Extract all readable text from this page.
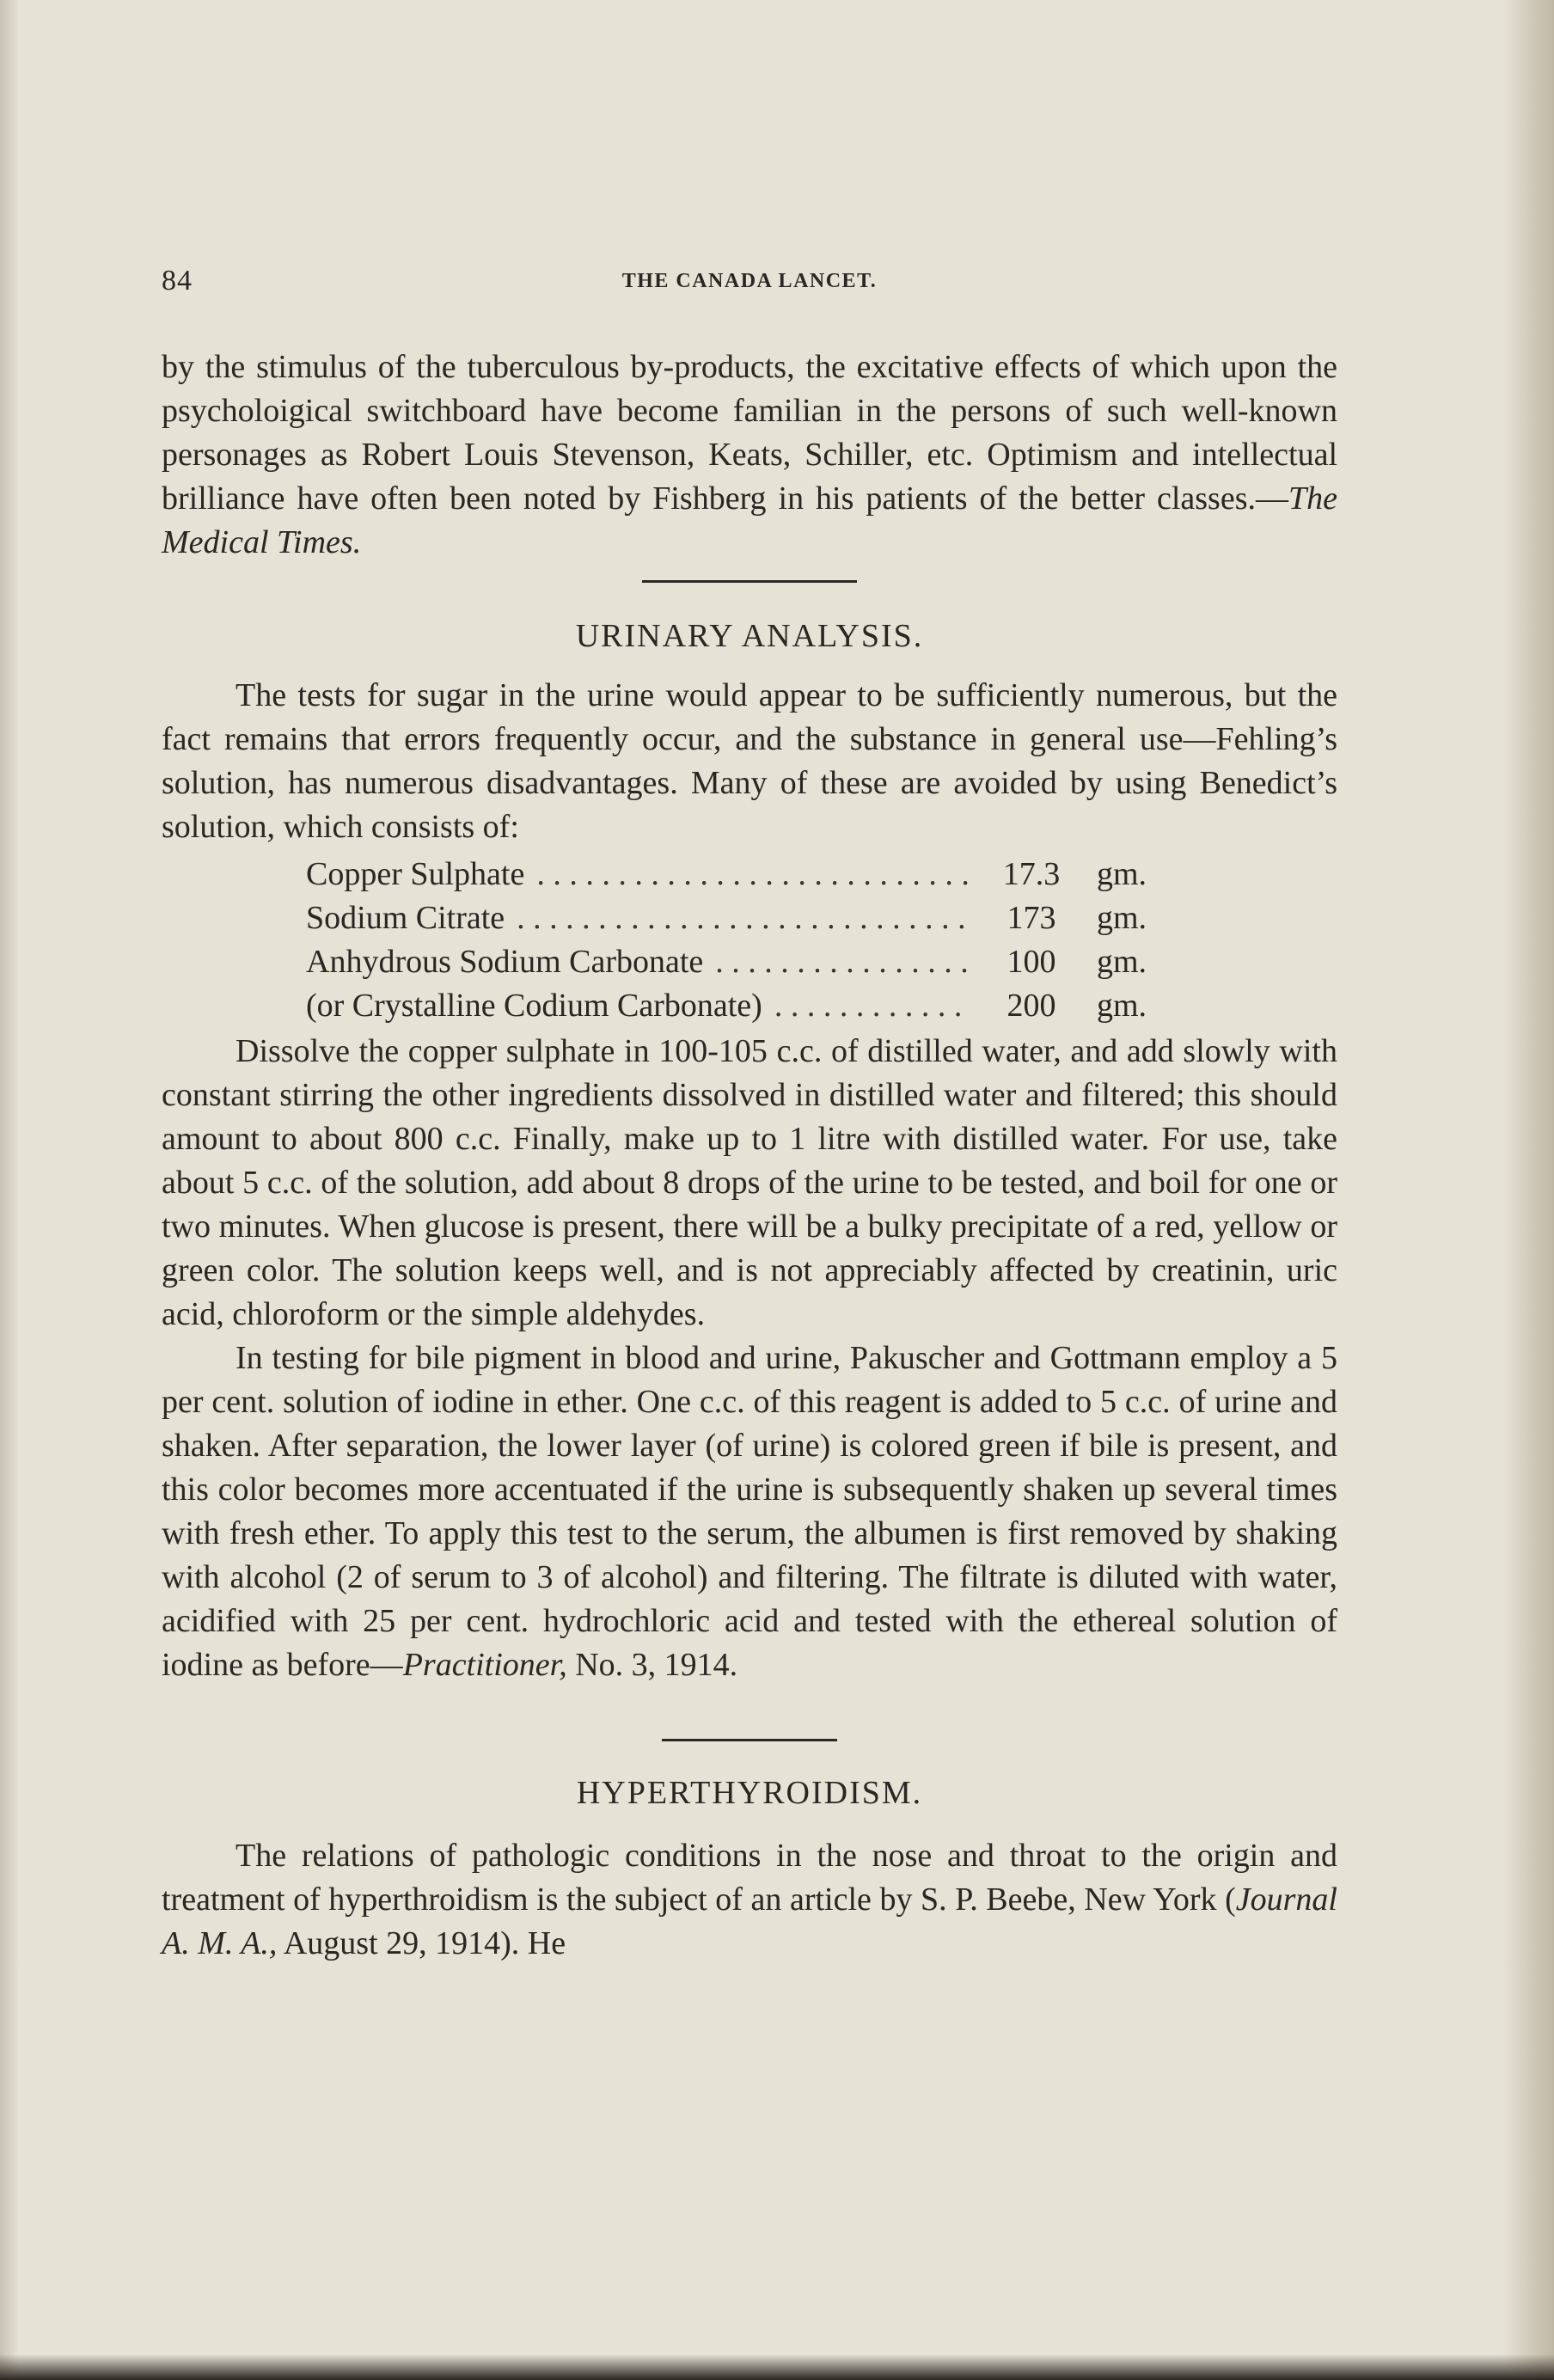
84	THE CANADA LANCET.

by the stimulus of the tuberculous by-products, the excitative effects of which upon the psycholoigical switchboard have become familian in the persons of such well-known personages as Robert Louis Stevenson, Keats, Schiller, etc. Optimism and intellectual brilliance have often been noted by Fishberg in his patients of the better classes.—The Medical Times.

URINARY ANALYSIS.

The tests for sugar in the urine would appear to be sufficiently numerous, but the fact remains that errors frequently occur, and the substance in general use—Fehling’s solution, has numerous disadvantages. Many of these are avoided by using Benedict’s solution, which consists of:

Copper Sulphate . . .	17.3	gm.
Sodium Citrate . . .	173	gm.
Anhydrous Sodium Carbonate . . .	100	gm.
(or Crystalline Codium Carbonate) . . .	200	gm.

Dissolve the copper sulphate in 100-105 c.c. of distilled water, and add slowly with constant stirring the other ingredients dissolved in distilled water and filtered; this should amount to about 800 c.c. Finally, make up to 1 litre with distilled water. For use, take about 5 c.c. of the solution, add about 8 drops of the urine to be tested, and boil for one or two minutes. When glucose is present, there will be a bulky precipitate of a red, yellow or green color. The solution keeps well, and is not appreciably affected by creatinin, uric acid, chloroform or the simple aldehydes.

In testing for bile pigment in blood and urine, Pakuscher and Gottmann employ a 5 per cent. solution of iodine in ether. One c.c. of this reagent is added to 5 c.c. of urine and shaken. After separation, the lower layer (of urine) is colored green if bile is present, and this color becomes more accentuated if the urine is subsequently shaken up several times with fresh ether. To apply this test to the serum, the albumen is first removed by shaking with alcohol (2 of serum to 3 of alcohol) and filtering. The filtrate is diluted with water, acidified with 25 per cent. hydrochloric acid and tested with the ethereal solution of iodine as before—Practitioner, No. 3, 1914.

HYPERTHYROIDISM.

The relations of pathologic conditions in the nose and throat to the origin and treatment of hyperthroidism is the subject of an article by S. P. Beebe, New York (Journal A. M. A., August 29, 1914). He
